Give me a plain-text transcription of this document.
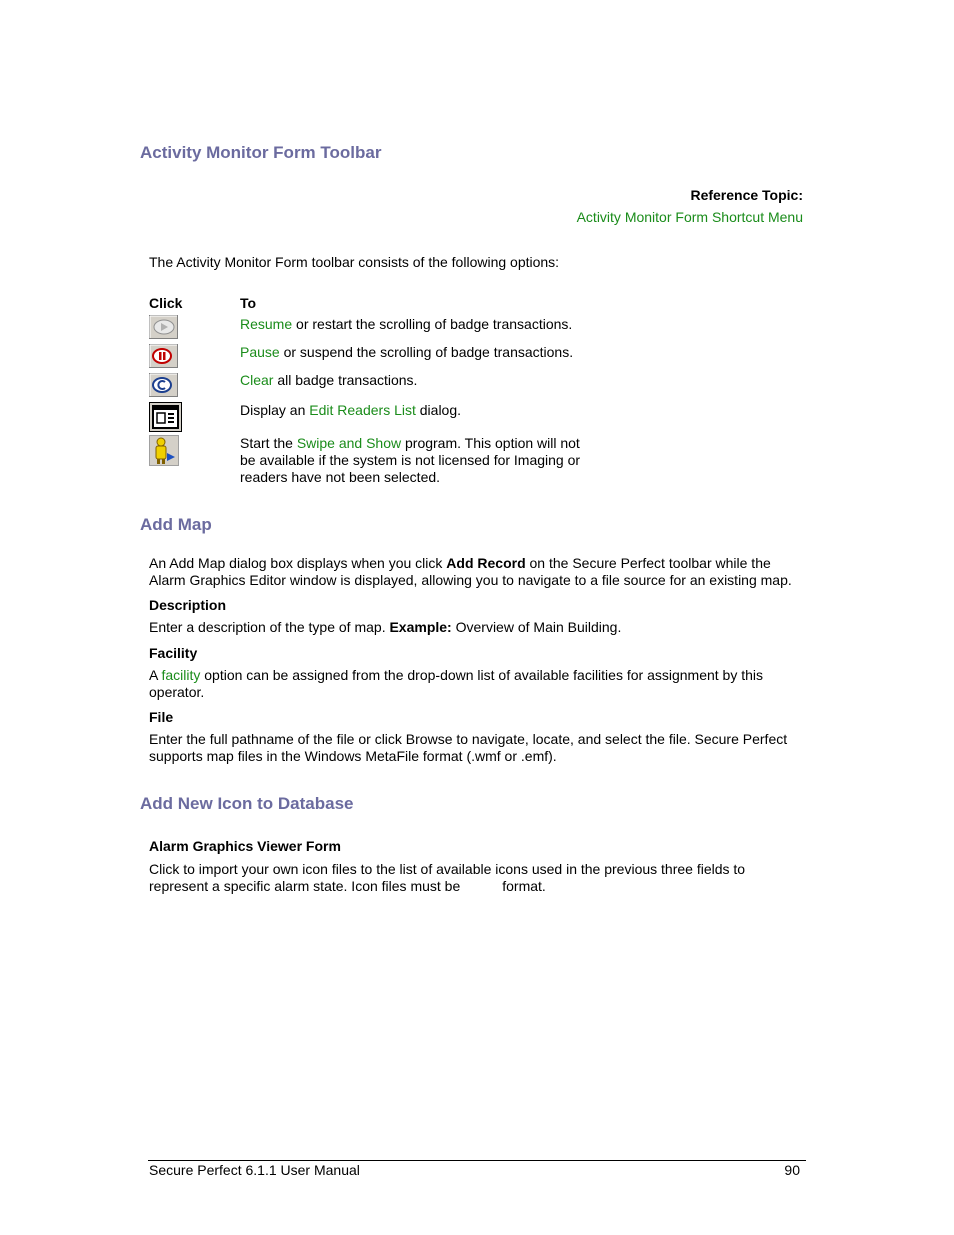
Activity Monitor Form Toolbar
Reference Topic:
Activity Monitor Form Shortcut Menu
The Activity Monitor Form toolbar consists of the following options:
Click	To
Resume or restart the scrolling of badge transactions.
Pause or suspend the scrolling of badge transactions.
Clear all badge transactions.
Display an Edit Readers List dialog.
Start the Swipe and Show program. This option will not
be available if the system is not licensed for Imaging or
readers have not been selected.
Add Map
An Add Map dialog box displays when you click Add Record on the Secure Perfect toolbar while the
Alarm Graphics Editor window is displayed, allowing you to navigate to a file source for an existing map.
Description
Enter a description of the type of map. Example: Overview of Main Building.
Facility
A facility option can be assigned from the drop-down list of available facilities for assignment by this
operator.
File
Enter the full pathname of the file or click Browse to navigate, locate, and select the file. Secure Perfect
supports map files in the Windows MetaFile format (.wmf or .emf).
Add New Icon to Database
Alarm Graphics Viewer Form
Click to import your own icon files to the list of available icons used in the previous three fields to
represent a specific alarm state. Icon files must be	format.
Secure Perfect 6.1.1 User Manual	90
